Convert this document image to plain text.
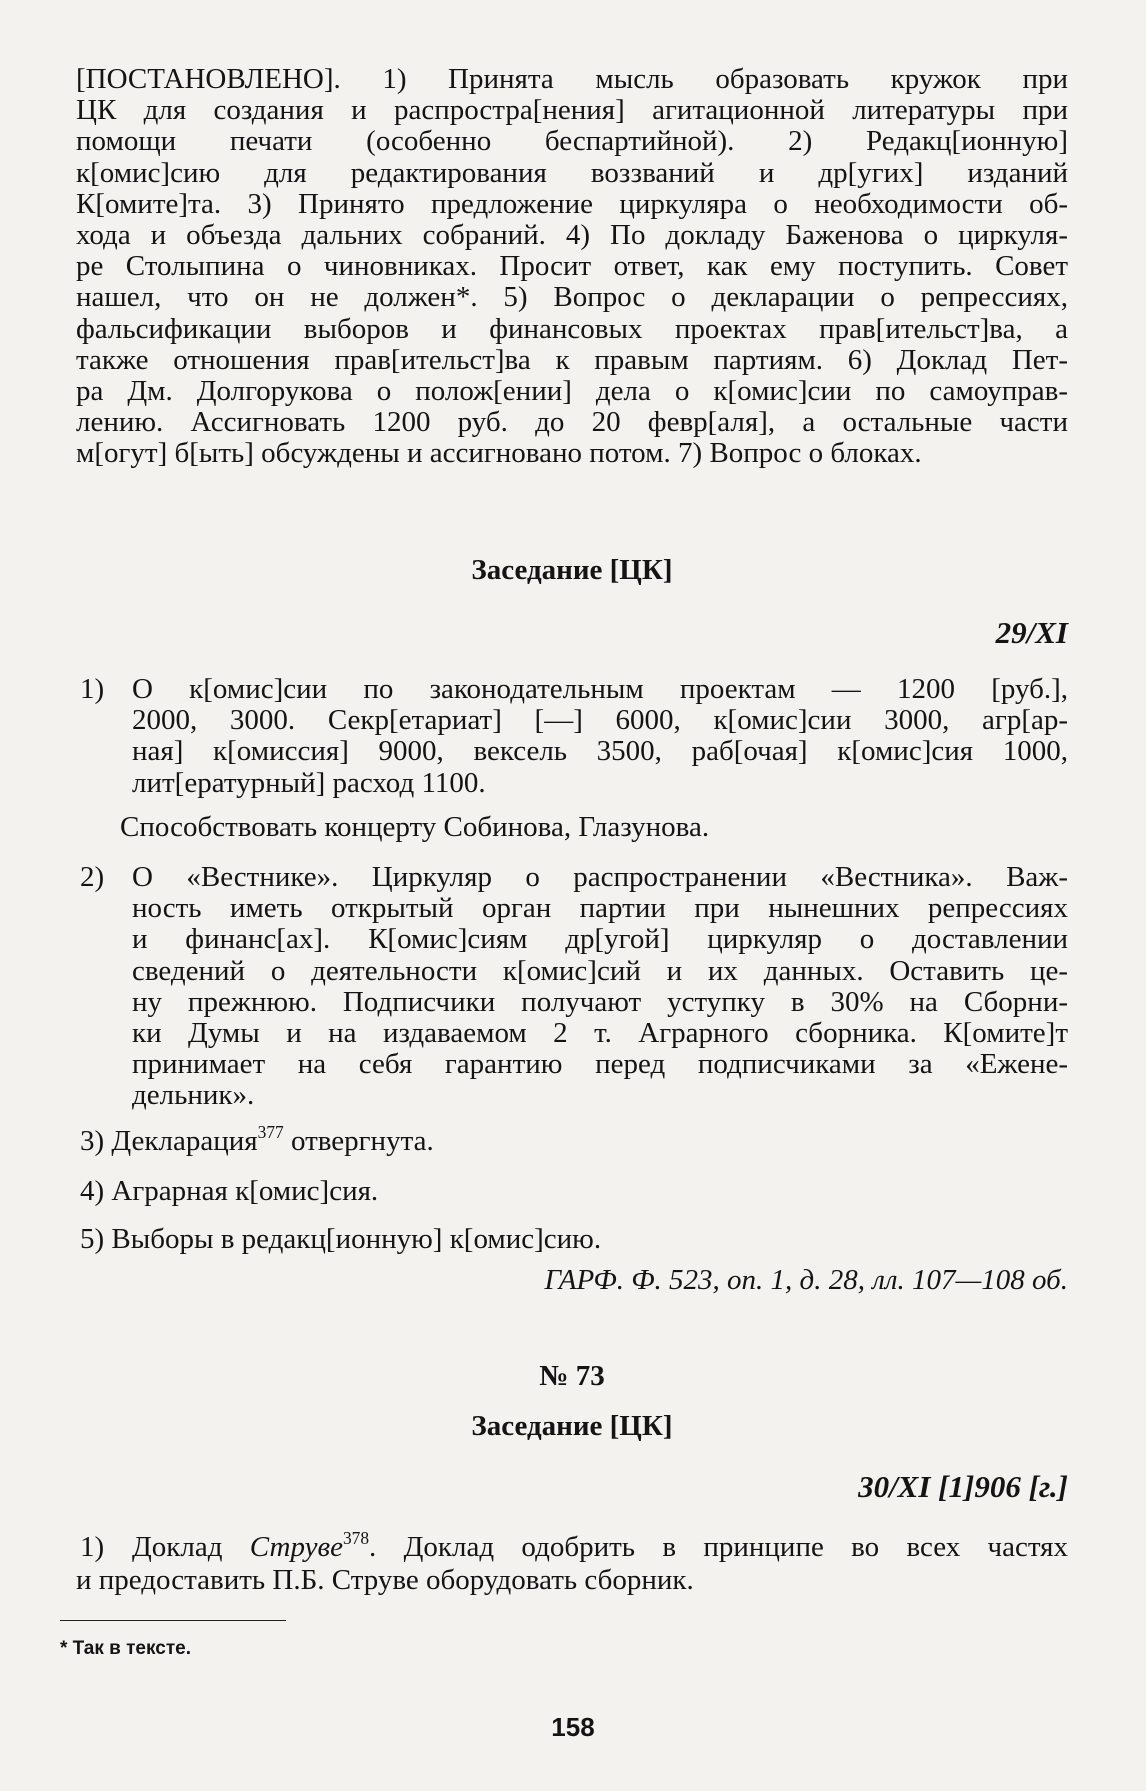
[ПОСТАНОВЛЕНО]. 1) Принята мысль образовать кружок при

ЦК для создания и распростра[нения] агитационной литературы при

помощи печати (особенно беспартийной). 2) Редакц[ионную]

к[омис]сию для редактирования воззваний и др[угих] изданий

К[омите]та. 3) Принято предложение циркуляра о необходимости об-

хода и объезда дальних собраний. 4) По докладу Баженова о циркуля-

ре Столыпина о чиновниках. Просит ответ, как ему поступить. Совет

нашел, что он не должен*. 5) Вопрос о декларации о репрессиях,

фальсификации выборов и финансовых проектах прав[ительст]ва, а

также отношения прав[ительст]ва к правым партиям. 6) Доклад Пет-

ра Дм. Долгорукова о полож[ении] дела о к[омис]сии по самоуправ-

лению. Ассигновать 1200 руб. до 20 февр[аля], а остальные части

м[огут] б[ыть] обсуждены и ассигновано потом. 7) Вопрос о блоках.

Заседание [ЦК]
29/XI
1) О к[омис]сии по законодательным проектам — 1200 [руб.],

2000, 3000. Секр[етариат] [—] 6000, к[омис]сии 3000, агр[ар-

ная] к[омиссия] 9000, вексель 3500, раб[очая] к[омис]сия 1000,

лит[ературный] расход 1100.

Способствовать концерту Собинова, Глазунова.
2) О «Вестнике». Циркуляр о распространении «Вестника». Важ-

ность иметь открытый орган партии при нынешних репрессиях

и финанс[ах]. К[омис]сиям др[угой] циркуляр о доставлении

сведений о деятельности к[омис]сий и их данных. Оставить це-

ну прежнюю. Подписчики получают уступку в 30% на Сборни-

ки Думы и на издаваемом 2 т. Аграрного сборника. К[омите]т

принимает на себя гарантию перед подписчиками за «Еженe-

дельник».

3) Декларация$^{377}$ отвергнута.
4) Аграрная к[омис]сия.
5) Выборы в редакц[ионную] к[омис]сию.
ГАРФ. Ф. 523, оп. 1, д. 28, лл. 107—108 об.
№ 73
Заседание [ЦК]
30/XI [1]906 [г.]
1) Доклад Струве$^{378}$. Доклад одобрить в принципе во всех частях

и предоставить П.Б. Струве оборудовать сборник.
* Так в тексте.
158
